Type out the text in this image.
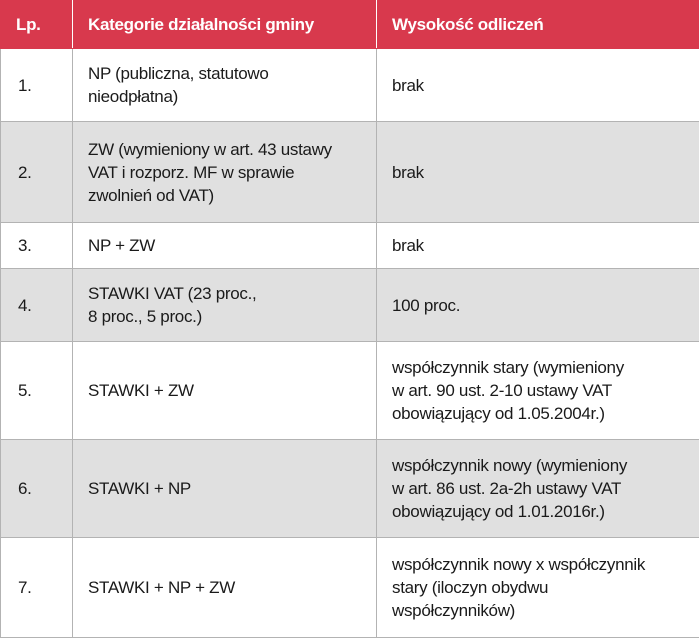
Lp.	Kategorie działalności gminy	Wysokość odliczeń
1.	NP (publiczna, statutowo
nieodpłatna)	brak
2.	ZW (wymieniony w art. 43 ustawy
VAT i rozporz. MF w sprawie
zwolnień od VAT)	brak
3.	NP + ZW	brak
4.	STAWKI VAT (23 proc.,
8 proc., 5 proc.)	100 proc.
5.	STAWKI + ZW	współczynnik stary (wymieniony
w art. 90 ust. 2-10 ustawy VAT
obowiązujący od 1.05.2004r.)
6.	STAWKI + NP	współczynnik nowy (wymieniony
w art. 86 ust. 2a-2h ustawy VAT
obowiązujący od 1.01.2016r.)
7.	STAWKI + NP + ZW	współczynnik nowy x współczynnik
stary (iloczyn obydwu
współczynników)
